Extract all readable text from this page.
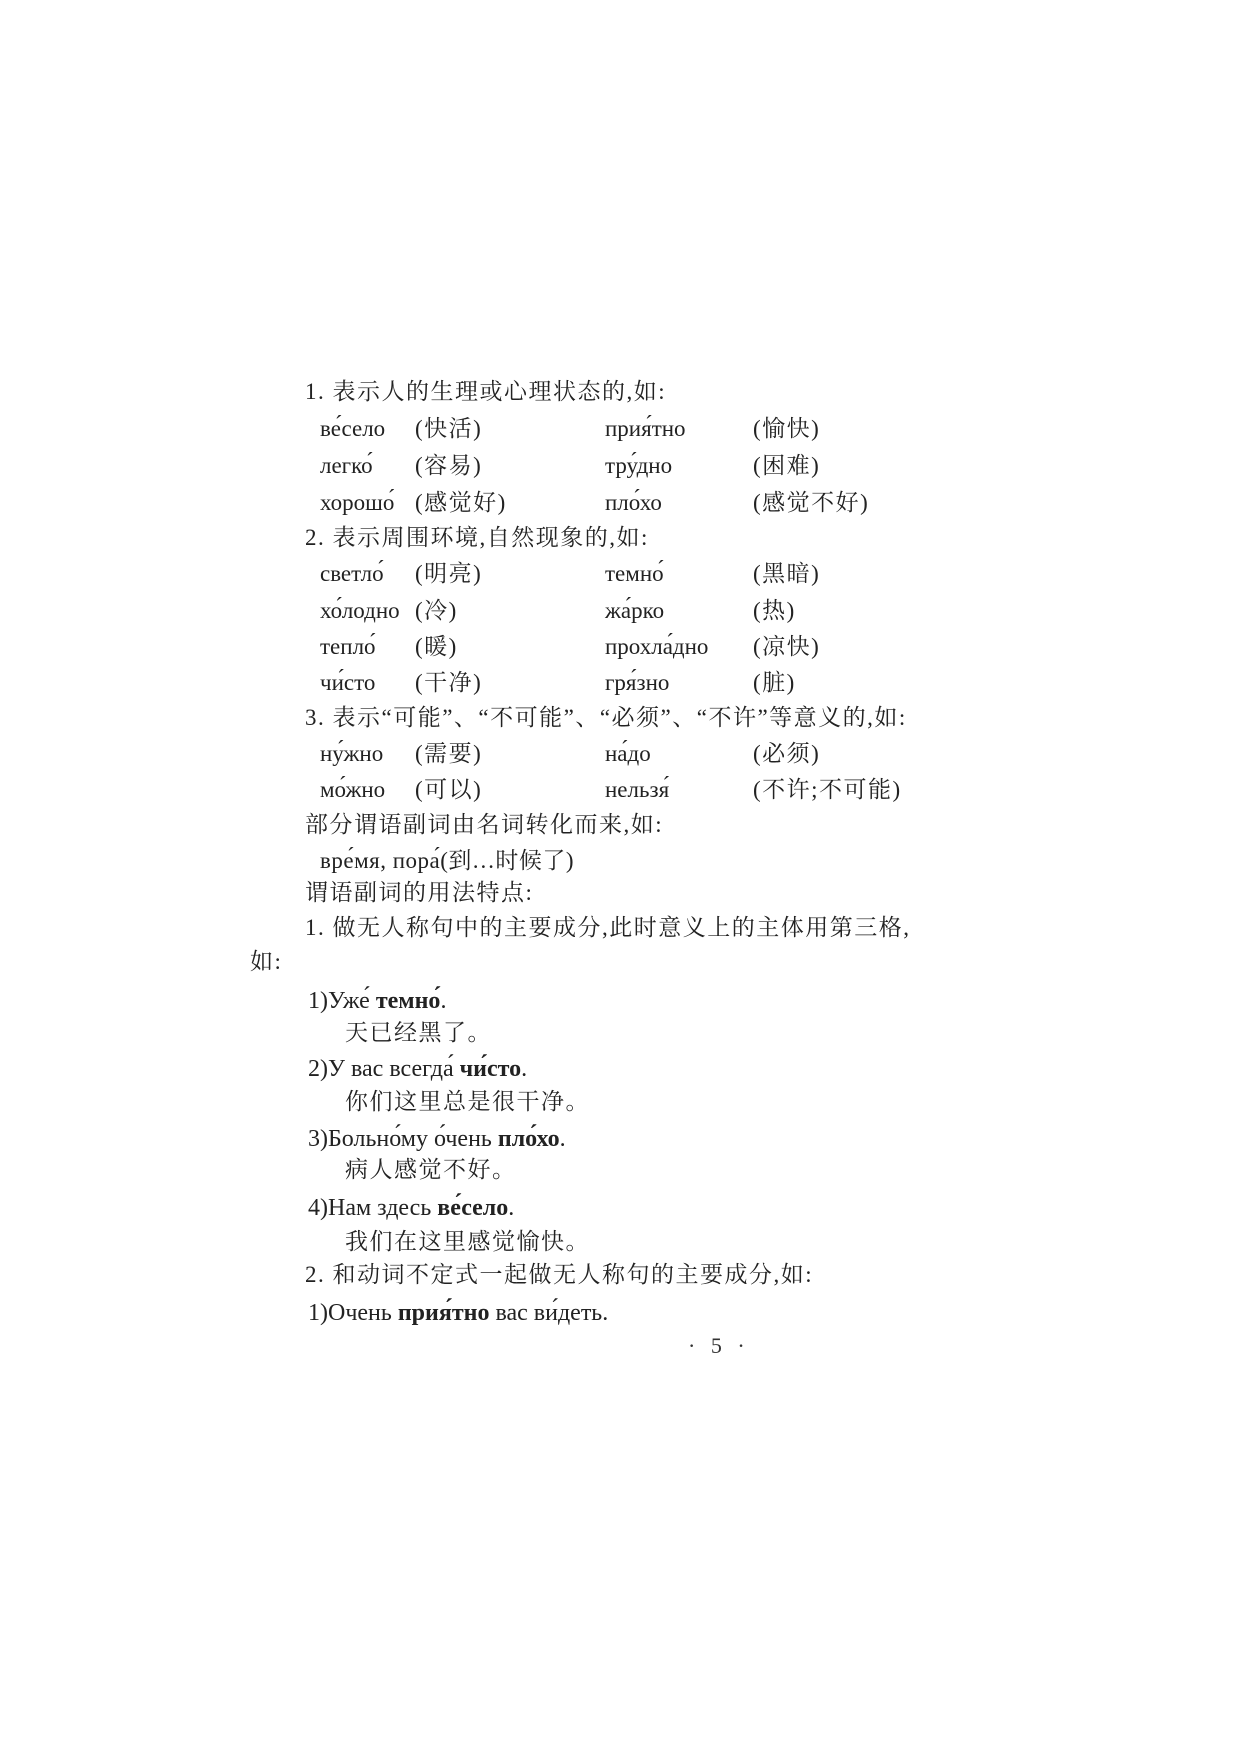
1. 表示人的生理或心理状态的,如:
ве́село (快活)	прия́тно	(愉快)
легко́ (容易)	тру́дно	(困难)
хорошо́ (感觉好)	пло́хо	(感觉不好)
2. 表示周围环境,自然现象的,如:
светло́ (明亮)	темно́	(黑暗)
хо́лодно (冷)	жа́рко	(热)
тепло́ (暖)	прохла́дно (凉快)
чи́сто (干净)	гря́зно	(脏)
3. 表示“可能”、“不可能”、“必须”、“不许”等意义的,如:
ну́жно (需要)	на́до	(必须)
мо́жно (可以)	нельзя́	(不许;不可能)
部分谓语副词由名词转化而来,如:
вре́мя, пора́(到…时候了)
谓语副词的用法特点:
1. 做无人称句中的主要成分,此时意义上的主体用第三格,
如:
1)Уже́ темно́.
天已经黑了。
2)У вас всегда́ чи́сто.
你们这里总是很干净。
3)Больно́му о́чень пло́хо.
病人感觉不好。
4)Нам здесь ве́село.
我们在这里感觉愉快。
2. 和动词不定式一起做无人称句的主要成分,如:
1)Очень прия́тно вас ви́деть.
· 5 ·
